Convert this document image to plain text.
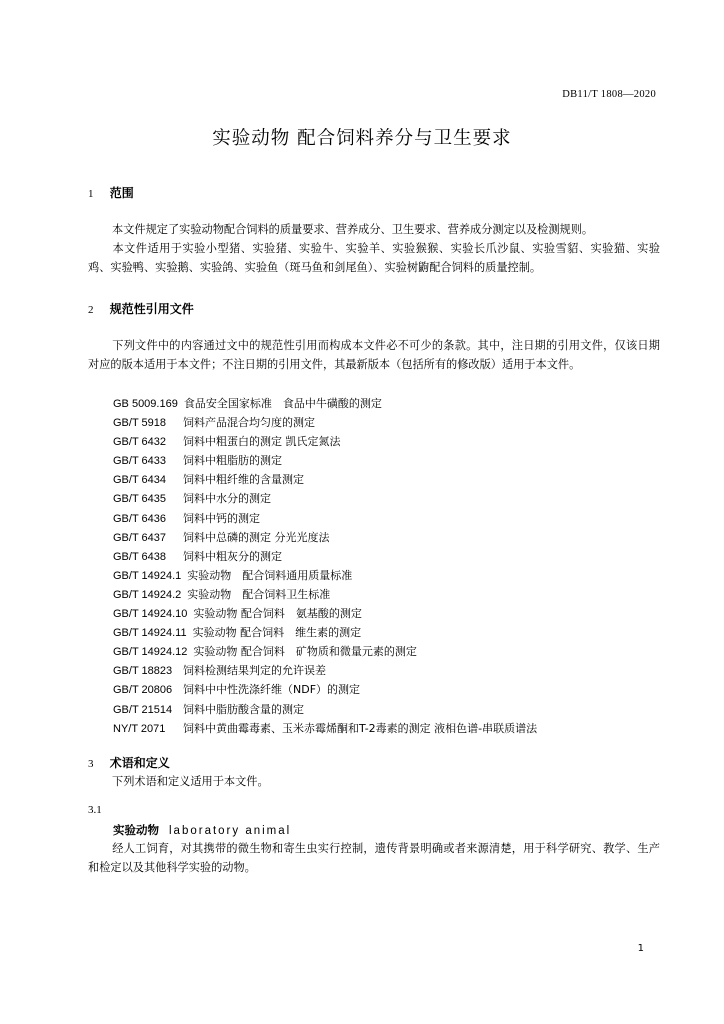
DB11/T 1808—2020
实验动物 配合饲料养分与卫生要求
1 范围
本文件规定了实验动物配合饲料的质量要求、营养成分、卫生要求、营养成分测定以及检测规则。
本文件适用于实验小型猪、实验猪、实验牛、实验羊、实验猴猴、实验长爪沙鼠、实验雪貂、实验猫、实验鸡、实验鸭、实验鹅、实验鸽、实验鱼（斑马鱼和剑尾鱼）、实验树鼩配合饲料的质量控制。
2 规范性引用文件
下列文件中的内容通过文中的规范性引用而构成本文件必不可少的条款。其中，注日期的引用文件，仅该日期对应的版本适用于本文件；不注日期的引用文件，其最新版本（包括所有的修改版）适用于本文件。
GB 5009.169 食品安全国家标准　食品中牛磺酸的测定
GB/T 5918 饲料产品混合均匀度的测定
GB/T 6432 饲料中粗蛋白的测定 凯氏定氮法
GB/T 6433 饲料中粗脂肪的测定
GB/T 6434 饲料中粗纤维的含量测定
GB/T 6435 饲料中水分的测定
GB/T 6436 饲料中钙的测定
GB/T 6437 饲料中总磷的测定 分光光度法
GB/T 6438 饲料中粗灰分的测定
GB/T 14924.1 实验动物　配合饲料通用质量标准
GB/T 14924.2 实验动物　配合饲料卫生标准
GB/T 14924.10 实验动物 配合饲料　氨基酸的测定
GB/T 14924.11 实验动物 配合饲料　维生素的测定
GB/T 14924.12 实验动物 配合饲料　矿物质和微量元素的测定
GB/T 18823 饲料检测结果判定的允许误差
GB/T 20806 饲料中中性洗涤纤维（NDF）的测定
GB/T 21514 饲料中脂肪酸含量的测定
NY/T 2071 饲料中黄曲霉毒素、玉米赤霉烯酮和T-2毒素的测定 液相色谱-串联质谱法
3 术语和定义
下列术语和定义适用于本文件。
3.1
实验动物 laboratory animal
经人工饲育，对其携带的微生物和寄生虫实行控制，遗传背景明确或者来源清楚，用于科学研究、教学、生产和检定以及其他科学实验的动物。
1
